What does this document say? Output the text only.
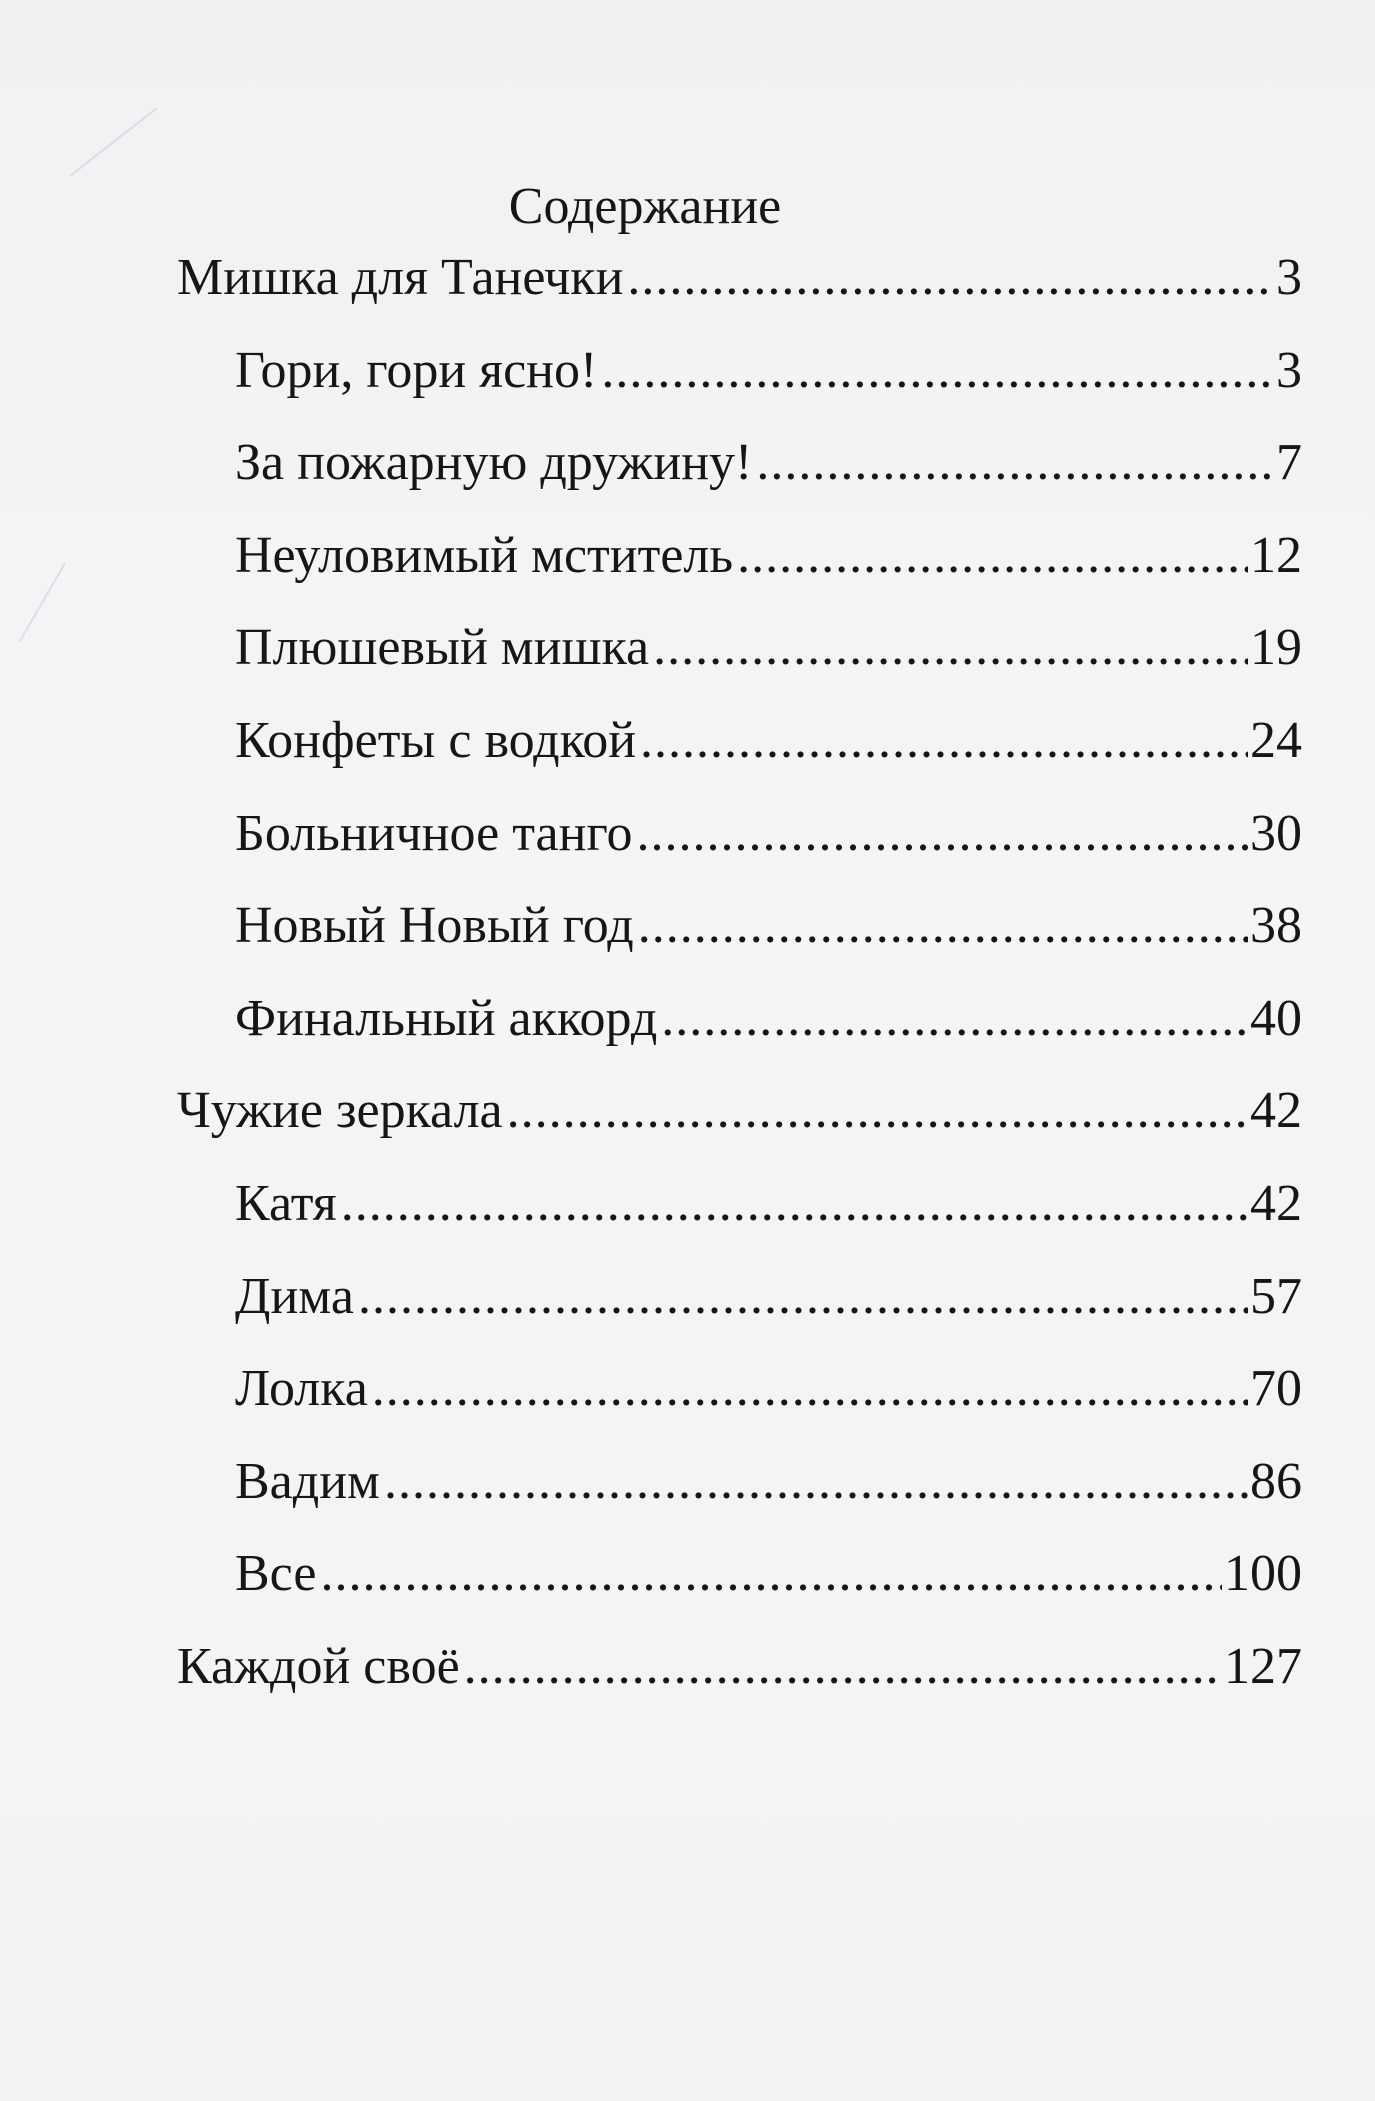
Содержание
Мишка для Танечки .....	3
Гори, гори ясно! .....	3
За пожарную дружину! .....	7
Неуловимый мститель .....	12
Плюшевый мишка .....	19
Конфеты с водкой .....	24
Больничное танго .....	30
Новый Новый год .....	38
Финальный аккорд .....	40
Чужие зеркала .....	42
Катя .....	42
Дима .....	57
Лолка .....	70
Вадим .....	86
Все .....	100
Каждой своё .....	127
